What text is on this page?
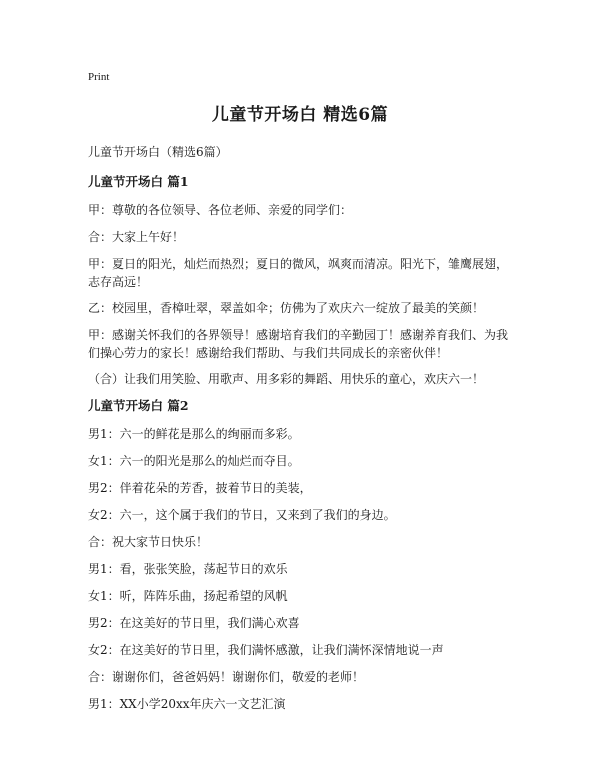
Print
儿童节开场白 精选6篇
儿童节开场白（精选6篇）
儿童节开场白 篇1

甲：尊敬的各位领导、各位老师、亲爱的同学们：

合：大家上午好！

甲：夏日的阳光，灿烂而热烈；夏日的微风，飒爽而清凉。阳光下，雏鹰展翅，志存高远！

乙：校园里，香樟吐翠，翠盖如伞；仿佛为了欢庆六一绽放了最美的笑颜！

甲：感谢关怀我们的各界领导！感谢培育我们的辛勤园丁！感谢养育我们、为我们操心劳力的家长！感谢给我们帮助、与我们共同成长的亲密伙伴！

（合）让我们用笑脸、用歌声、用多彩的舞蹈、用快乐的童心，欢庆六一！

儿童节开场白 篇2

男1：六一的鲜花是那么的绚丽而多彩。

女1：六一的阳光是那么的灿烂而夺目。

男2：伴着花朵的芳香，披着节日的美装，

女2：六一，这个属于我们的节日，又来到了我们的身边。

合：祝大家节日快乐！

男1：看，张张笑脸，荡起节日的欢乐

女1：听，阵阵乐曲，扬起希望的风帆

男2：在这美好的节日里，我们满心欢喜

女2：在这美好的节日里，我们满怀感激，让我们满怀深情地说一声

合：谢谢你们，爸爸妈妈！谢谢你们，敬爱的老师！

男1：XX小学20xx年庆六一文艺汇演
